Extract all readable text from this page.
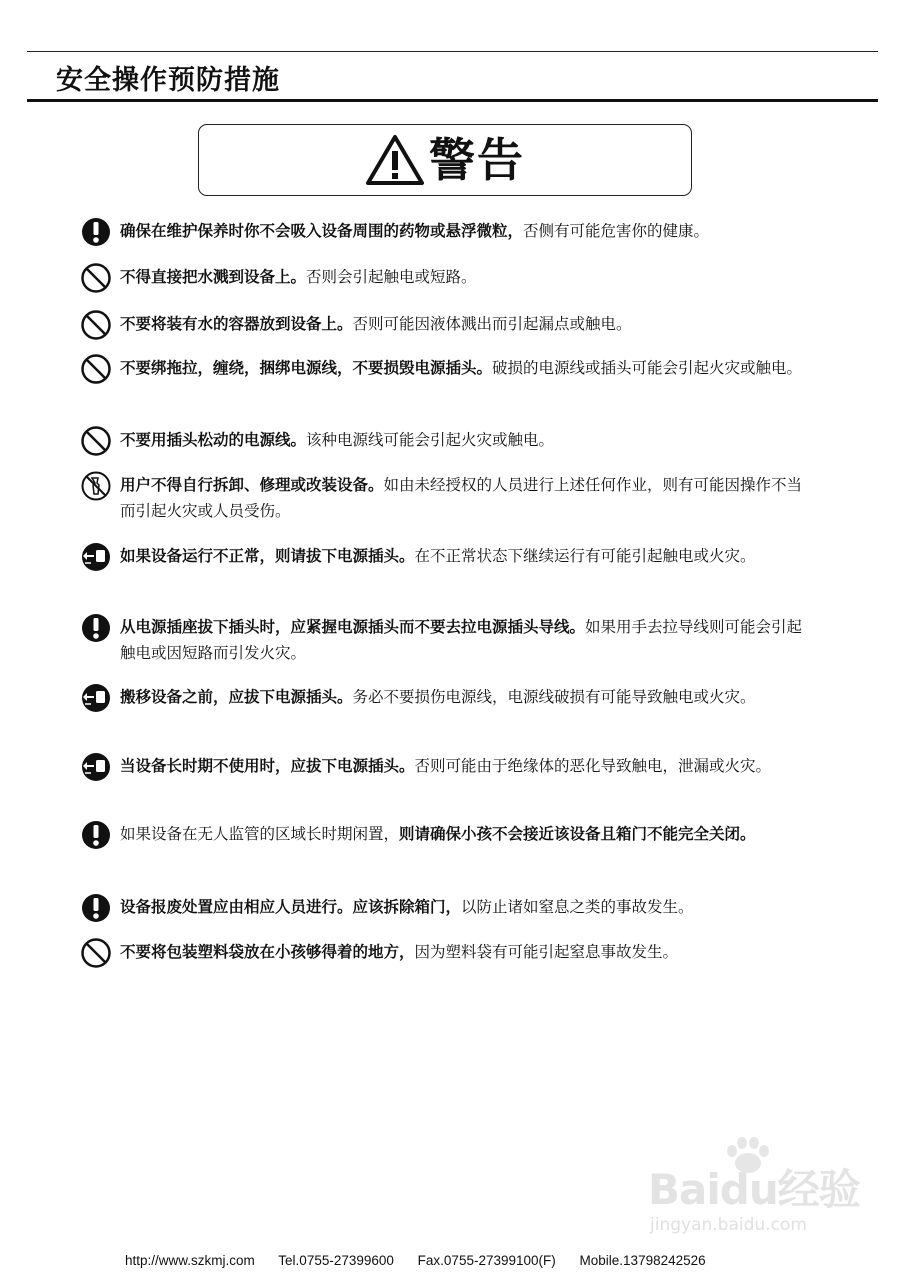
安全操作预防措施
警告
确保在维护保养时你不会吸入设备周围的药物或悬浮微粒，否侧有可能危害你的健康。
不得直接把水溅到设备上。否则会引起触电或短路。
不要将装有水的容器放到设备上。否则可能因液体溅出而引起漏点或触电。
不要绑拖拉，缠绕，捆绑电源线，不要损毁电源插头。破损的电源线或插头可能会引起火灾或触电。
不要用插头松动的电源线。该种电源线可能会引起火灾或触电。
用户不得自行拆卸、修理或改装设备。如由未经授权的人员进行上述任何作业，则有可能因操作不当而引起火灾或人员受伤。
如果设备运行不正常，则请拔下电源插头。在不正常状态下继续运行有可能引起触电或火灾。
从电源插座拔下插头时，应紧握电源插头而不要去拉电源插头导线。如果用手去拉导线则可能会引起触电或因短路而引发火灾。
搬移设备之前，应拔下电源插头。务必不要损伤电源线，电源线破损有可能导致触电或火灾。
当设备长时期不使用时，应拔下电源插头。否则可能由于绝缘体的恶化导致触电，泄漏或火灾。
如果设备在无人监管的区域长时期闲置，则请确保小孩不会接近该设备且箱门不能完全关闭。
设备报废处置应由相应人员进行。应该拆除箱门，以防止诸如窒息之类的事故发生。
不要将包装塑料袋放在小孩够得着的地方，因为塑料袋有可能引起窒息事故发生。
Baidu经验
jingyan.baidu.com
http://www.szkmj.com Tel.0755-27399600 Fax.0755-27399100(F) Mobile.13798242526
